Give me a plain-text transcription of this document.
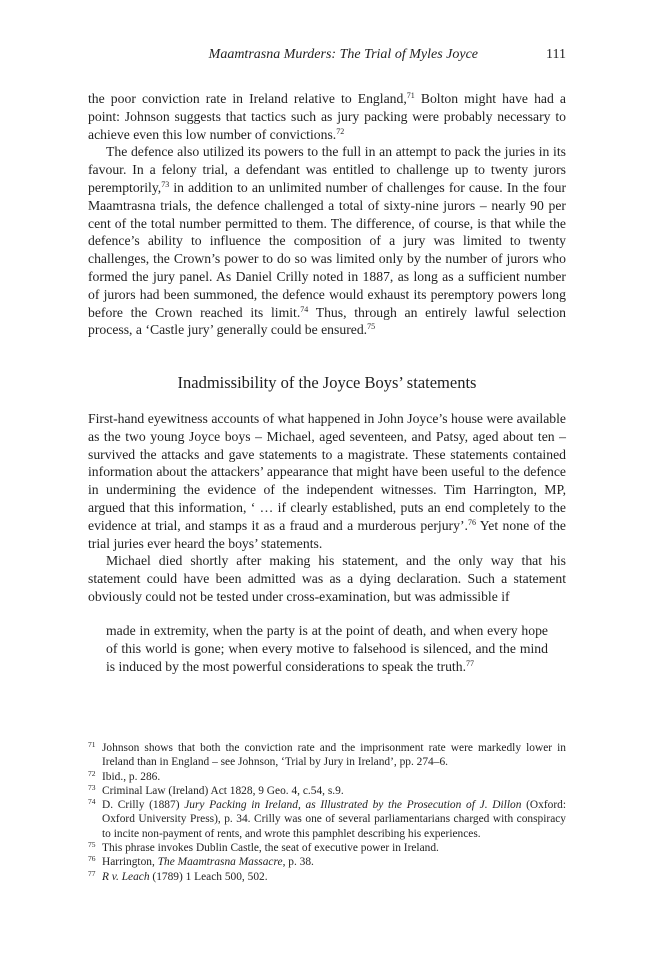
Maamtrasna Murders: The Trial of Myles Joyce	111

the poor conviction rate in Ireland relative to England,$^{71}$ Bolton might have had a point: Johnson suggests that tactics such as jury packing were probably necessary to achieve even this low number of convictions.$^{72}$

The defence also utilized its powers to the full in an attempt to pack the juries in its favour. In a felony trial, a defendant was entitled to challenge up to twenty jurors peremptorily,$^{73}$ in addition to an unlimited number of challenges for cause. In the four Maamtrasna trials, the defence challenged a total of sixty-nine jurors – nearly 90 per cent of the total number permitted to them. The difference, of course, is that while the defence’s ability to influence the composition of a jury was limited to twenty challenges, the Crown’s power to do so was limited only by the number of jurors who formed the jury panel. As Daniel Crilly noted in 1887, as long as a sufficient number of jurors had been summoned, the defence would exhaust its peremptory powers long before the Crown reached its limit.$^{74}$ Thus, through an entirely lawful selection process, a ‘Castle jury’ generally could be ensured.$^{75}$

Inadmissibility of the Joyce Boys’ statements

First-hand eyewitness accounts of what happened in John Joyce’s house were available as the two young Joyce boys – Michael, aged seventeen, and Patsy, aged about ten – survived the attacks and gave statements to a magistrate. These statements contained information about the attackers’ appearance that might have been useful to the defence in undermining the evidence of the independent witnesses. Tim Harrington, MP, argued that this information, ‘ … if clearly established, puts an end completely to the evidence at trial, and stamps it as a fraud and a murderous perjury’.$^{76}$ Yet none of the trial juries ever heard the boys’ statements.

Michael died shortly after making his statement, and the only way that his statement could have been admitted was as a dying declaration. Such a statement obviously could not be tested under cross-examination, but was admissible if

made in extremity, when the party is at the point of death, and when every hope of this world is gone; when every motive to falsehood is silenced, and the mind is induced by the most powerful considerations to speak the truth.$^{77}$

71 Johnson shows that both the conviction rate and the imprisonment rate were markedly lower in Ireland than in England – see Johnson, ‘Trial by Jury in Ireland’, pp. 274–6.
72 Ibid., p. 286.
73 Criminal Law (Ireland) Act 1828, 9 Geo. 4, c.54, s.9.
74 D. Crilly (1887) Jury Packing in Ireland, as Illustrated by the Prosecution of J. Dillon (Oxford: Oxford University Press), p. 34. Crilly was one of several parliamentarians charged with conspiracy to incite non-payment of rents, and wrote this pamphlet describing his experiences.
75 This phrase invokes Dublin Castle, the seat of executive power in Ireland.
76 Harrington, The Maamtrasna Massacre, p. 38.
77 R v. Leach (1789) 1 Leach 500, 502.
